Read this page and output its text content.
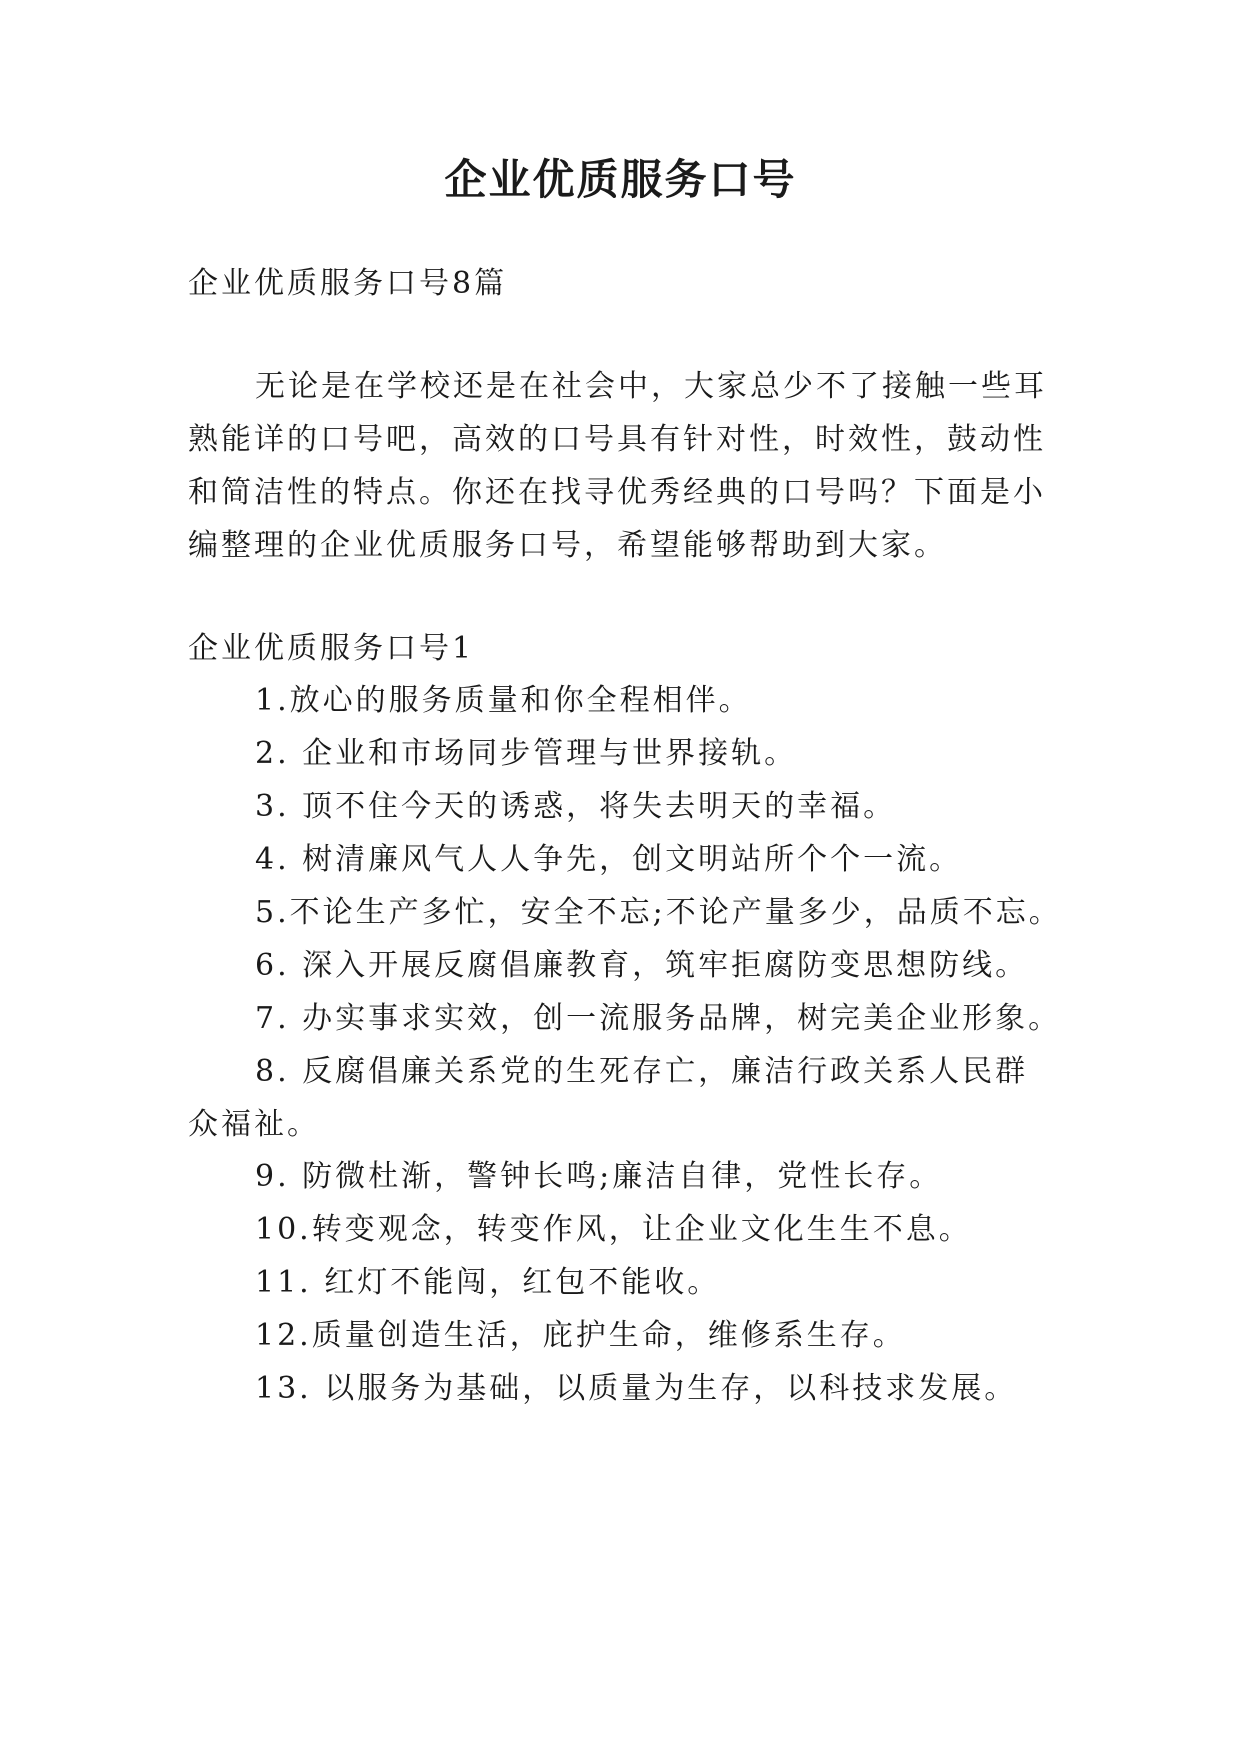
企业优质服务口号
企业优质服务口号8篇
无论是在学校还是在社会中，大家总少不了接触一些耳
熟能详的口号吧，高效的口号具有针对性，时效性，鼓动性
和简洁性的特点。你还在找寻优秀经典的口号吗？下面是小
编整理的企业优质服务口号，希望能够帮助到大家。
企业优质服务口号1
1.放心的服务质量和你全程相伴。
2. 企业和市场同步管理与世界接轨。
3. 顶不住今天的诱惑，将失去明天的幸福。
4. 树清廉风气人人争先，创文明站所个个一流。
5.不论生产多忙，安全不忘;不论产量多少，品质不忘。
6. 深入开展反腐倡廉教育，筑牢拒腐防变思想防线。
7. 办实事求实效，创一流服务品牌，树完美企业形象。
8. 反腐倡廉关系党的生死存亡，廉洁行政关系人民群
众福祉。
9. 防微杜渐，警钟长鸣;廉洁自律，党性长存。
10.转变观念，转变作风，让企业文化生生不息。
11. 红灯不能闯，红包不能收。
12.质量创造生活，庇护生命，维修系生存。
13. 以服务为基础，以质量为生存，以科技求发展。
